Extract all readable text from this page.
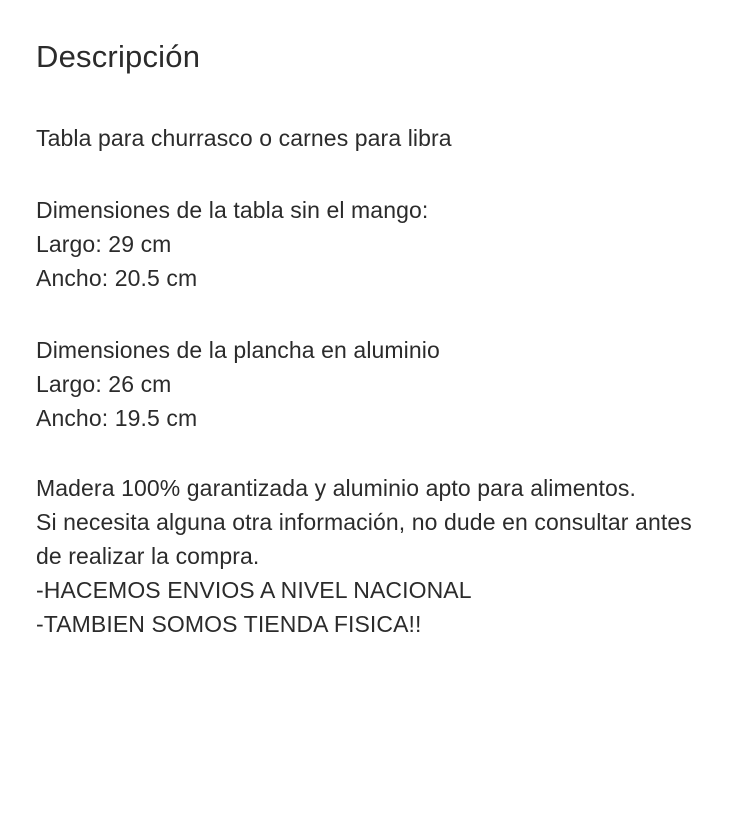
Descripción

Tabla para churrasco o carnes para libra

Dimensiones de la tabla sin el mango:

Largo: 29 cm

Ancho: 20.5 cm

Dimensiones de la plancha en aluminio

Largo: 26 cm

Ancho: 19.5 cm

Madera 100% garantizada y aluminio apto para alimentos.

Si necesita alguna otra información, no dude en consultar antes de realizar la compra.

-HACEMOS ENVIOS A NIVEL NACIONAL

-TAMBIEN SOMOS TIENDA FISICA!!
